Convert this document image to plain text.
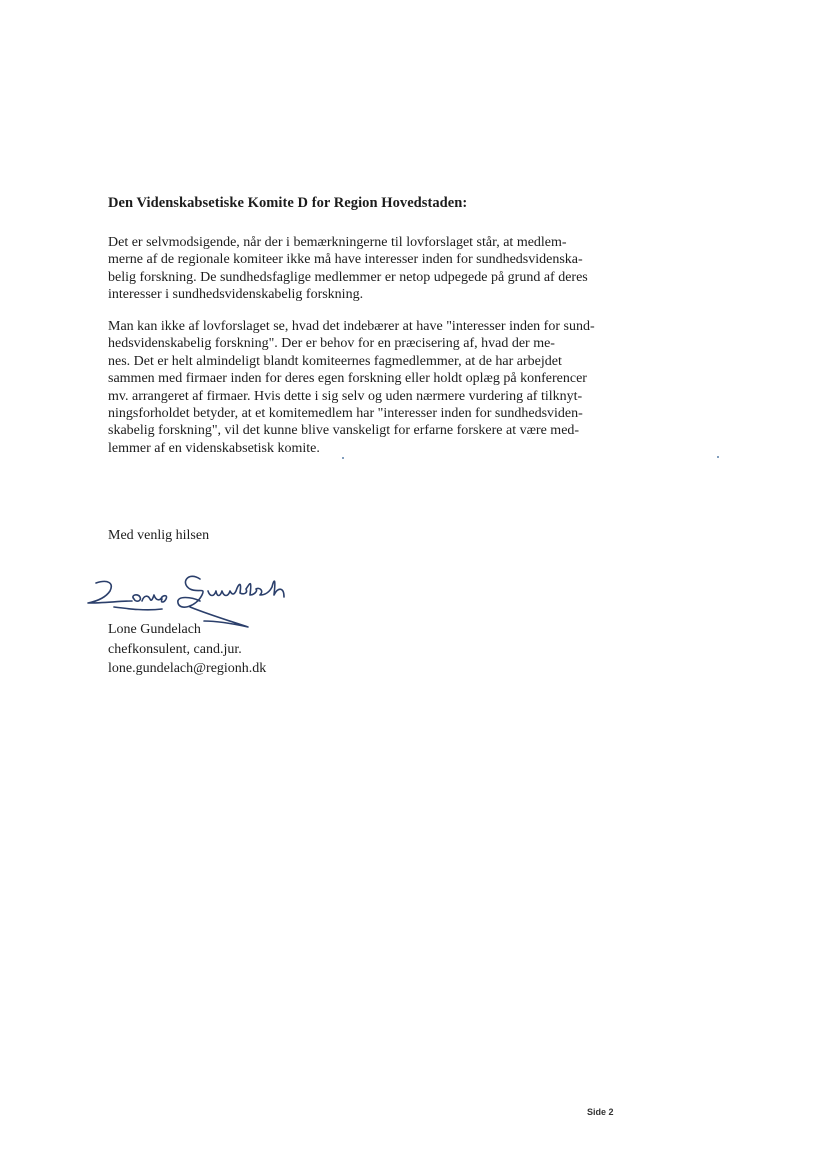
Den Videnskabsetiske Komite D for Region Hovedstaden:
Det er selvmodsigende, når der i bemærkningerne til lovforslaget står, at medlem-
merne af de regionale komiteer ikke må have interesser inden for sundhedsvidenska-
belig forskning. De sundhedsfaglige medlemmer er netop udpegede på grund af deres
interesser i sundhedsvidenskabelig forskning.
Man kan ikke af lovforslaget se, hvad det indebærer at have "interesser inden for sund-
hedsvidenskabelig forskning". Der er behov for en præcisering af, hvad der me-
nes. Det er helt almindeligt blandt komiteernes fagmedlemmer, at de har arbejdet
sammen med firmaer inden for deres egen forskning eller holdt oplæg på konferencer
mv. arrangeret af firmaer. Hvis dette i sig selv og uden nærmere vurdering af tilknyt-
ningsforholdet betyder, at et komitemedlem har "interesser inden for sundhedsviden-
skabelig forskning", vil det kunne blive vanskeligt for erfarne forskere at være med-
lemmer af en videnskabsetisk komite.
Med venlig hilsen
Lone Gundelach
chefkonsulent, cand.jur.
lone.gundelach@regionh.dk
Side 2
